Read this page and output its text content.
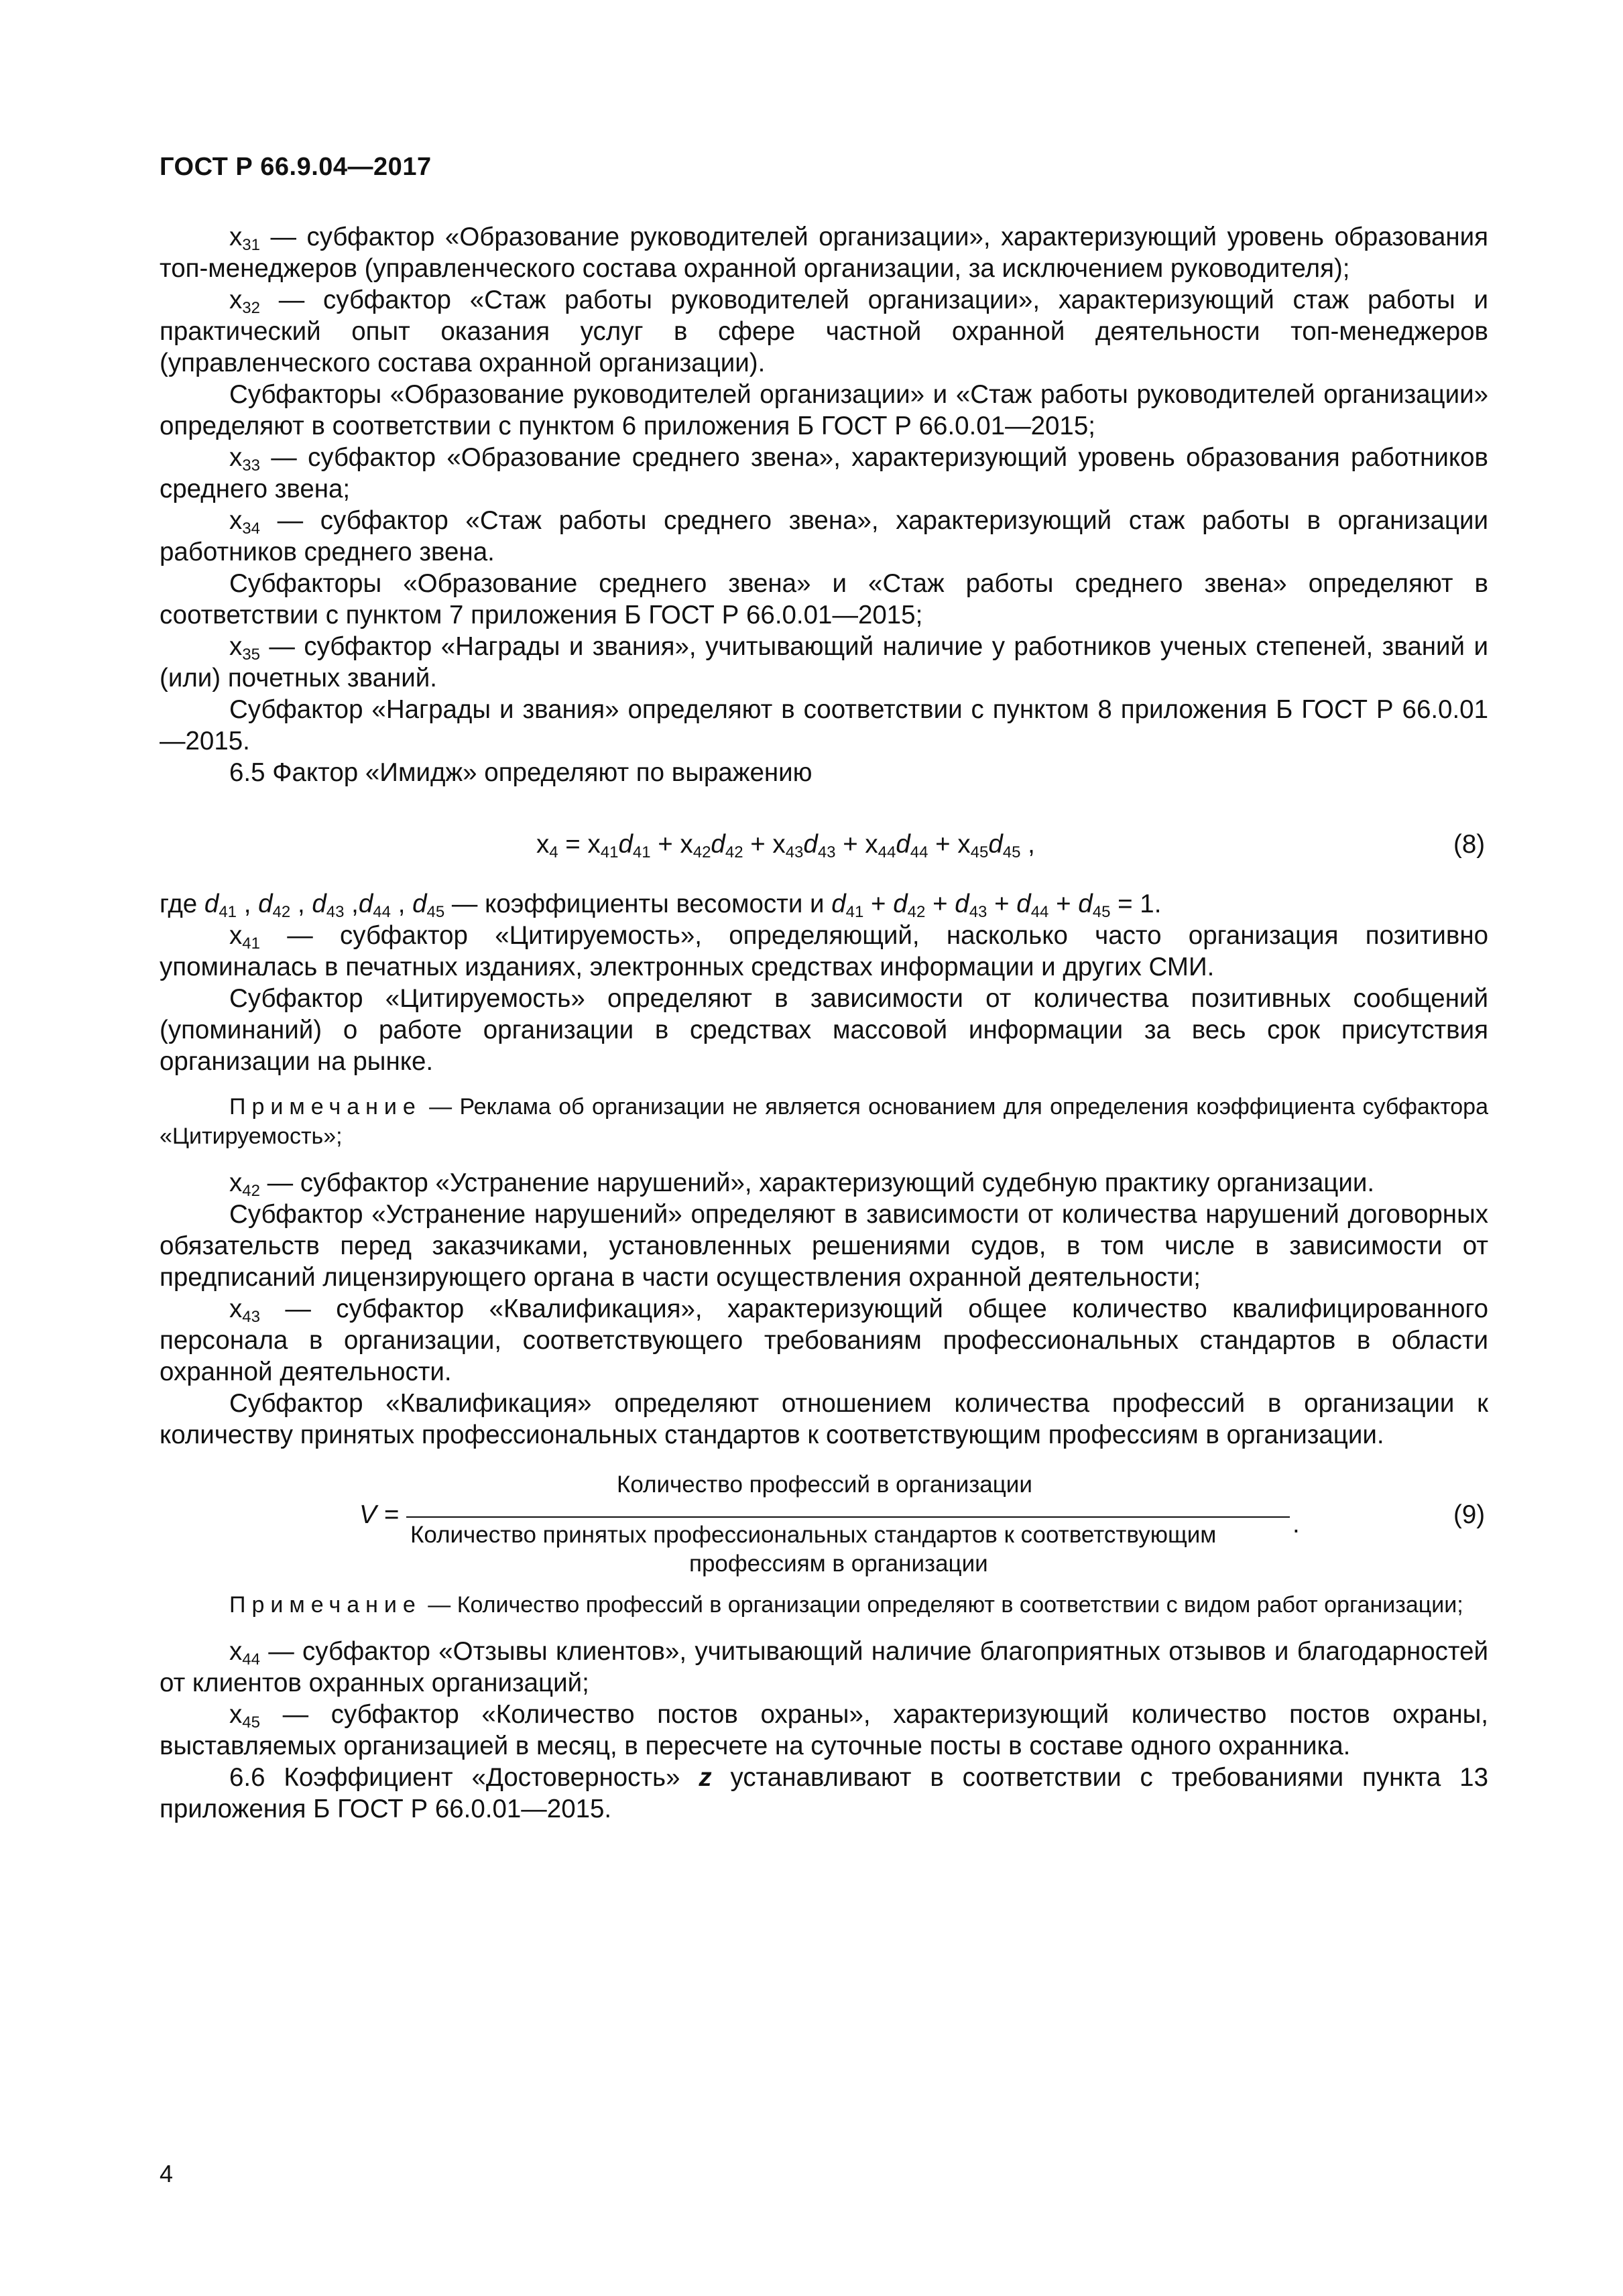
ГОСТ Р 66.9.04—2017

$x_{31}$ — субфактор «Образование руководителей организации», характеризующий уровень образования топ-менеджеров (управленческого состава охранной организации, за исключением руководителя);

$x_{32}$ — субфактор «Стаж работы руководителей организации», характеризующий стаж работы и практический опыт оказания услуг в сфере частной охранной деятельности топ-менеджеров (управленческого состава охранной организации).

Субфакторы «Образование руководителей организации» и «Стаж работы руководителей организации» определяют в соответствии с пунктом 6 приложения Б ГОСТ Р 66.0.01—2015;

$x_{33}$ — субфактор «Образование среднего звена», характеризующий уровень образования работников среднего звена;

$x_{34}$ — субфактор «Стаж работы среднего звена», характеризующий стаж работы в организации работников среднего звена.

Субфакторы «Образование среднего звена» и «Стаж работы среднего звена» определяют в соответствии с пунктом 7 приложения Б ГОСТ Р 66.0.01—2015;

$x_{35}$ — субфактор «Награды и звания», учитывающий наличие у работников ученых степеней, званий и (или) почетных званий.

Субфактор «Награды и звания» определяют в соответствии с пунктом 8 приложения Б ГОСТ Р 66.0.01—2015.

6.5 Фактор «Имидж» определяют по выражению

$x_4 = x_{41}d_{41} + x_{42}d_{42} + x_{43}d_{43} + x_{44}d_{44} + x_{45}d_{45}$ ,	(8)

где $d_{41}$ , $d_{42}$ , $d_{43}$ $,d_{44}$ , $d_{45}$ — коэффициенты весомости и $d_{41} + d_{42} + d_{43} + d_{44} + d_{45} = 1$.

$x_{41}$ — субфактор «Цитируемость», определяющий, насколько часто организация позитивно упоминалась в печатных изданиях, электронных средствах информации и других СМИ.

Субфактор «Цитируемость» определяют в зависимости от количества позитивных сообщений (упоминаний) о работе организации в средствах массовой информации за весь срок присутствия организации на рынке.

Примечание — Реклама об организации не является основанием для определения коэффициента субфактора «Цитируемость»;

$x_{42}$ — субфактор «Устранение нарушений», характеризующий судебную практику организации.

Субфактор «Устранение нарушений» определяют в зависимости от количества нарушений договорных обязательств перед заказчиками, установленных решениями судов, в том числе в зависимости от предписаний лицензирующего органа в части осуществления охранной деятельности;

$x_{43}$ — субфактор «Квалификация», характеризующий общее количество квалифицированного персонала в организации, соответствующего требованиям профессиональных стандартов в области охранной деятельности.

Субфактор «Квалификация» определяют отношением количества профессий в организации к количеству принятых профессиональных стандартов к соответствующим профессиям в организации.

V =
Количество профессий в организации
Количество принятых профессиональных стандартов к соответствующим
профессиям в организации
.	(9)

Примечание — Количество профессий в организации определяют в соответствии с видом работ организации;

$x_{44}$ — субфактор «Отзывы клиентов», учитывающий наличие благоприятных отзывов и благодарностей от клиентов охранных организаций;

$x_{45}$ — субфактор «Количество постов охраны», характеризующий количество постов охраны, выставляемых организацией в месяц, в пересчете на суточные посты в составе одного охранника.

6.6 Коэффициент «Достоверность» z устанавливают в соответствии с требованиями пункта 13 приложения Б ГОСТ Р 66.0.01—2015.

4
